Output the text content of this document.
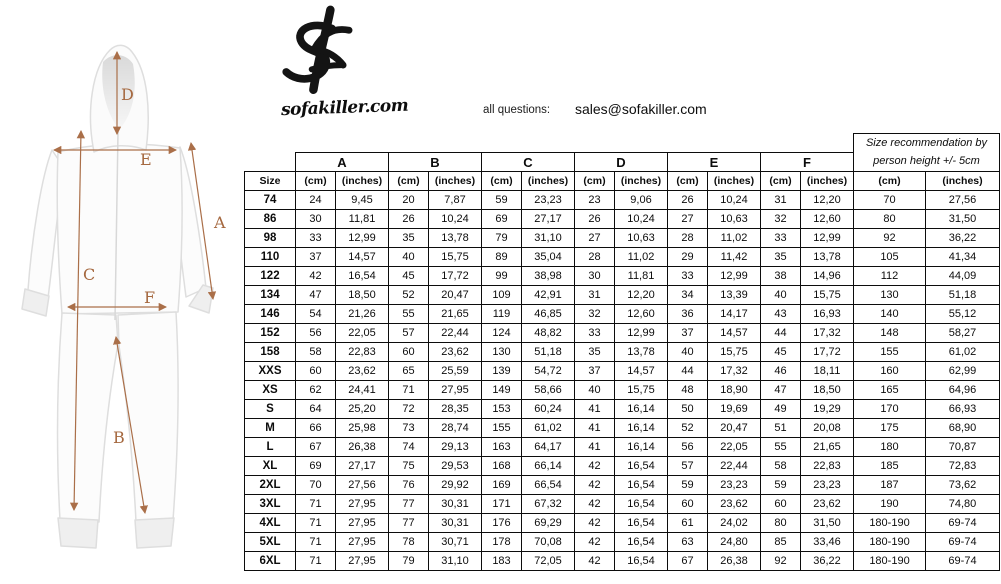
D
E
A
C
F
B
sofakiller.com	all questions: sales@sofakiller.com
													Size recommendation by
person height +/- 5cm	
	A		B		C		D		E		F			
Size	(cm)	(inches)	(cm)	(inches)	(cm)	(inches)	(cm)	(inches)	(cm)	(inches)	(cm)	(inches)	(cm)	(inches)
74	24	9,45	20	7,87	59	23,23	23	9,06	26	10,24	31	12,20	70	27,56
86	30	11,81	26	10,24	69	27,17	26	10,24	27	10,63	32	12,60	80	31,50
98	33	12,99	35	13,78	79	31,10	27	10,63	28	11,02	33	12,99	92	36,22
110	37	14,57	40	15,75	89	35,04	28	11,02	29	11,42	35	13,78	105	41,34
122	42	16,54	45	17,72	99	38,98	30	11,81	33	12,99	38	14,96	112	44,09
134	47	18,50	52	20,47	109	42,91	31	12,20	34	13,39	40	15,75	130	51,18
146	54	21,26	55	21,65	119	46,85	32	12,60	36	14,17	43	16,93	140	55,12
152	56	22,05	57	22,44	124	48,82	33	12,99	37	14,57	44	17,32	148	58,27
158	58	22,83	60	23,62	130	51,18	35	13,78	40	15,75	45	17,72	155	61,02
XXS	60	23,62	65	25,59	139	54,72	37	14,57	44	17,32	46	18,11	160	62,99
XS	62	24,41	71	27,95	149	58,66	40	15,75	48	18,90	47	18,50	165	64,96
S	64	25,20	72	28,35	153	60,24	41	16,14	50	19,69	49	19,29	170	66,93
M	66	25,98	73	28,74	155	61,02	41	16,14	52	20,47	51	20,08	175	68,90
L	67	26,38	74	29,13	163	64,17	41	16,14	56	22,05	55	21,65	180	70,87
XL	69	27,17	75	29,53	168	66,14	42	16,54	57	22,44	58	22,83	185	72,83
2XL	70	27,56	76	29,92	169	66,54	42	16,54	59	23,23	59	23,23	187	73,62
3XL	71	27,95	77	30,31	171	67,32	42	16,54	60	23,62	60	23,62	190	74,80
4XL	71	27,95	77	30,31	176	69,29	42	16,54	61	24,02	80	31,50	180-190	69-74
5XL	71	27,95	78	30,71	178	70,08	42	16,54	63	24,80	85	33,46	180-190	69-74
6XL	71	27,95	79	31,10	183	72,05	42	16,54	67	26,38	92	36,22	180-190	69-74
